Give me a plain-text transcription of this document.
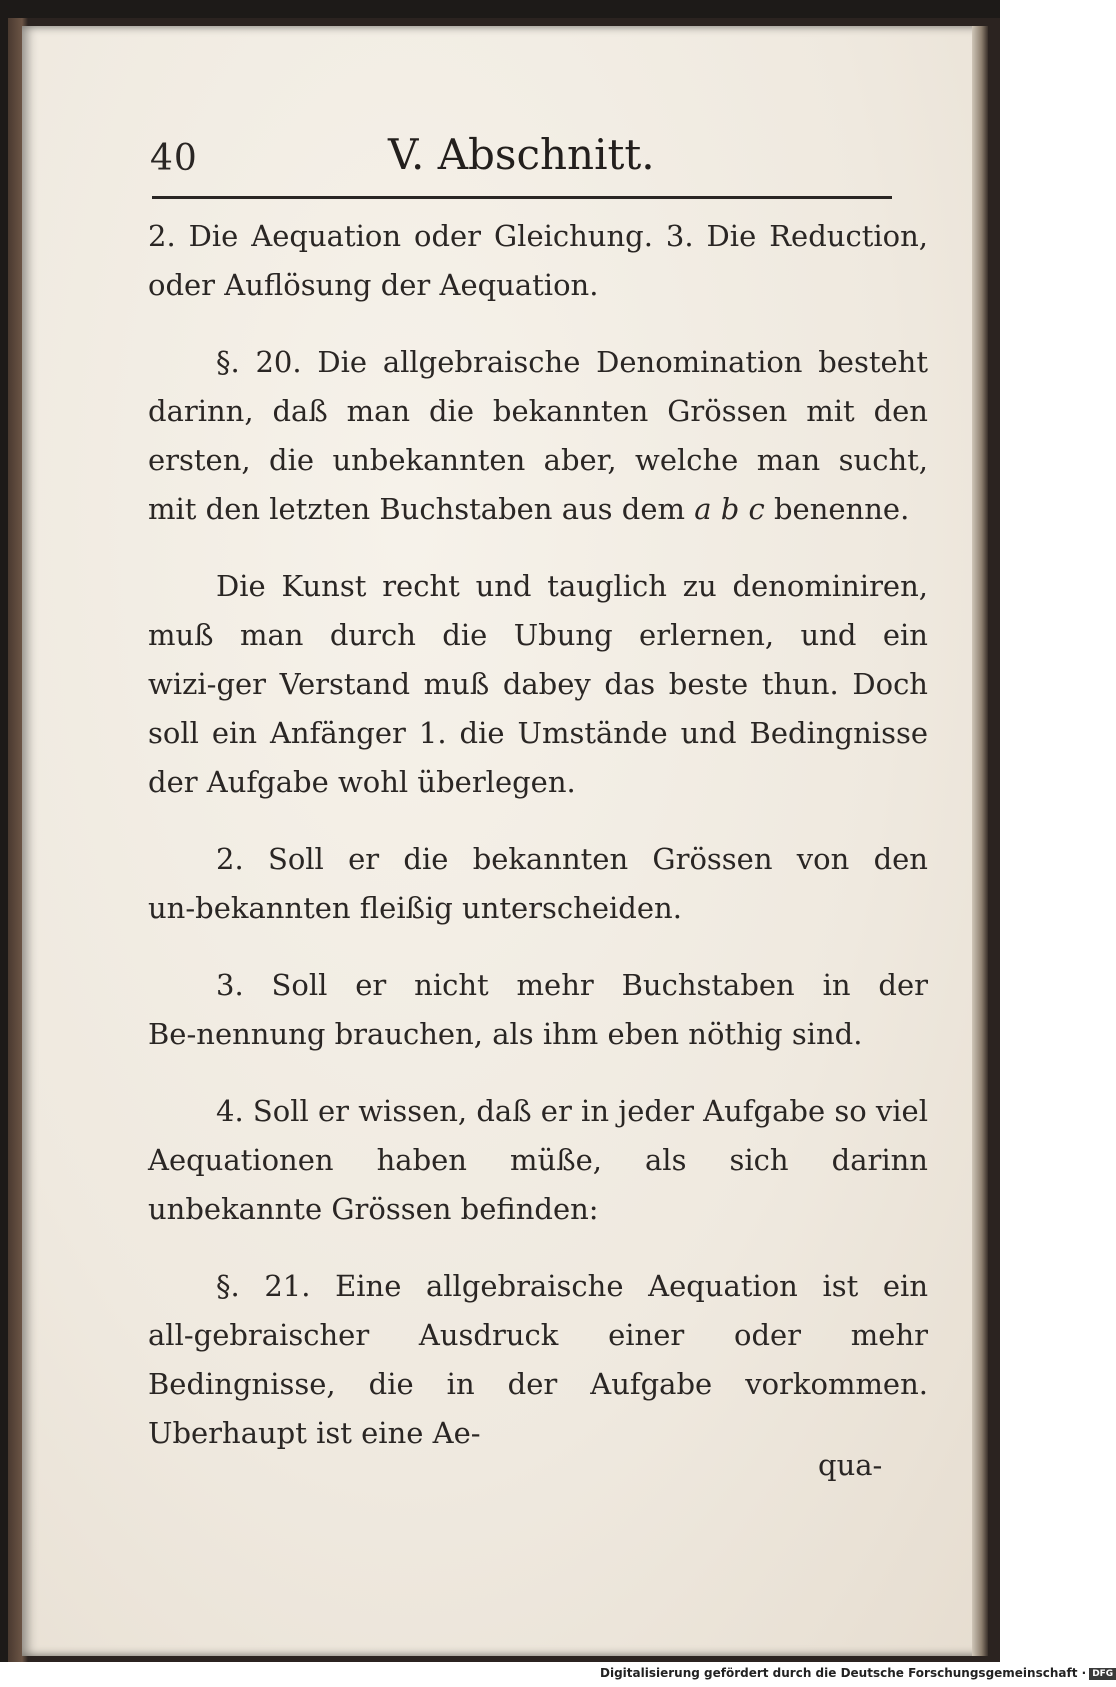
40	V. Abschnitt.

2. Die Aequation oder Gleichung. 3. Die Reduction, oder Auflösung der Aequation.

§. 20. Die allgebraische Denomination besteht darinn, daß man die bekannten Grössen mit den ersten, die unbekannten aber, welche man sucht, mit den letzten Buchstaben aus dem a b c benenne.

Die Kunst recht und tauglich zu denominiren, muß man durch die Ubung erlernen, und ein wizi‑ger Verstand muß dabey das beste thun. Doch soll ein Anfänger 1. die Umstände und Bedingnisse der Aufgabe wohl überlegen.

2. Soll er die bekannten Grössen von den un‑bekannten fleißig unterscheiden.

3. Soll er nicht mehr Buchstaben in der Be‑nennung brauchen, als ihm eben nöthig sind.

4. Soll er wissen, daß er in jeder Aufgabe so viel Aequationen haben müße, als sich darinn unbekannte Grössen befinden:

§. 21. Eine allgebraische Aequation ist ein all‑gebraischer Ausdruck einer oder mehr Bedingnisse, die in der Aufgabe vorkommen. Uberhaupt ist eine Ae‑

qua‑
Digitalisierung gefördert durch die Deutsche Forschungsgemeinschaft · DFG
